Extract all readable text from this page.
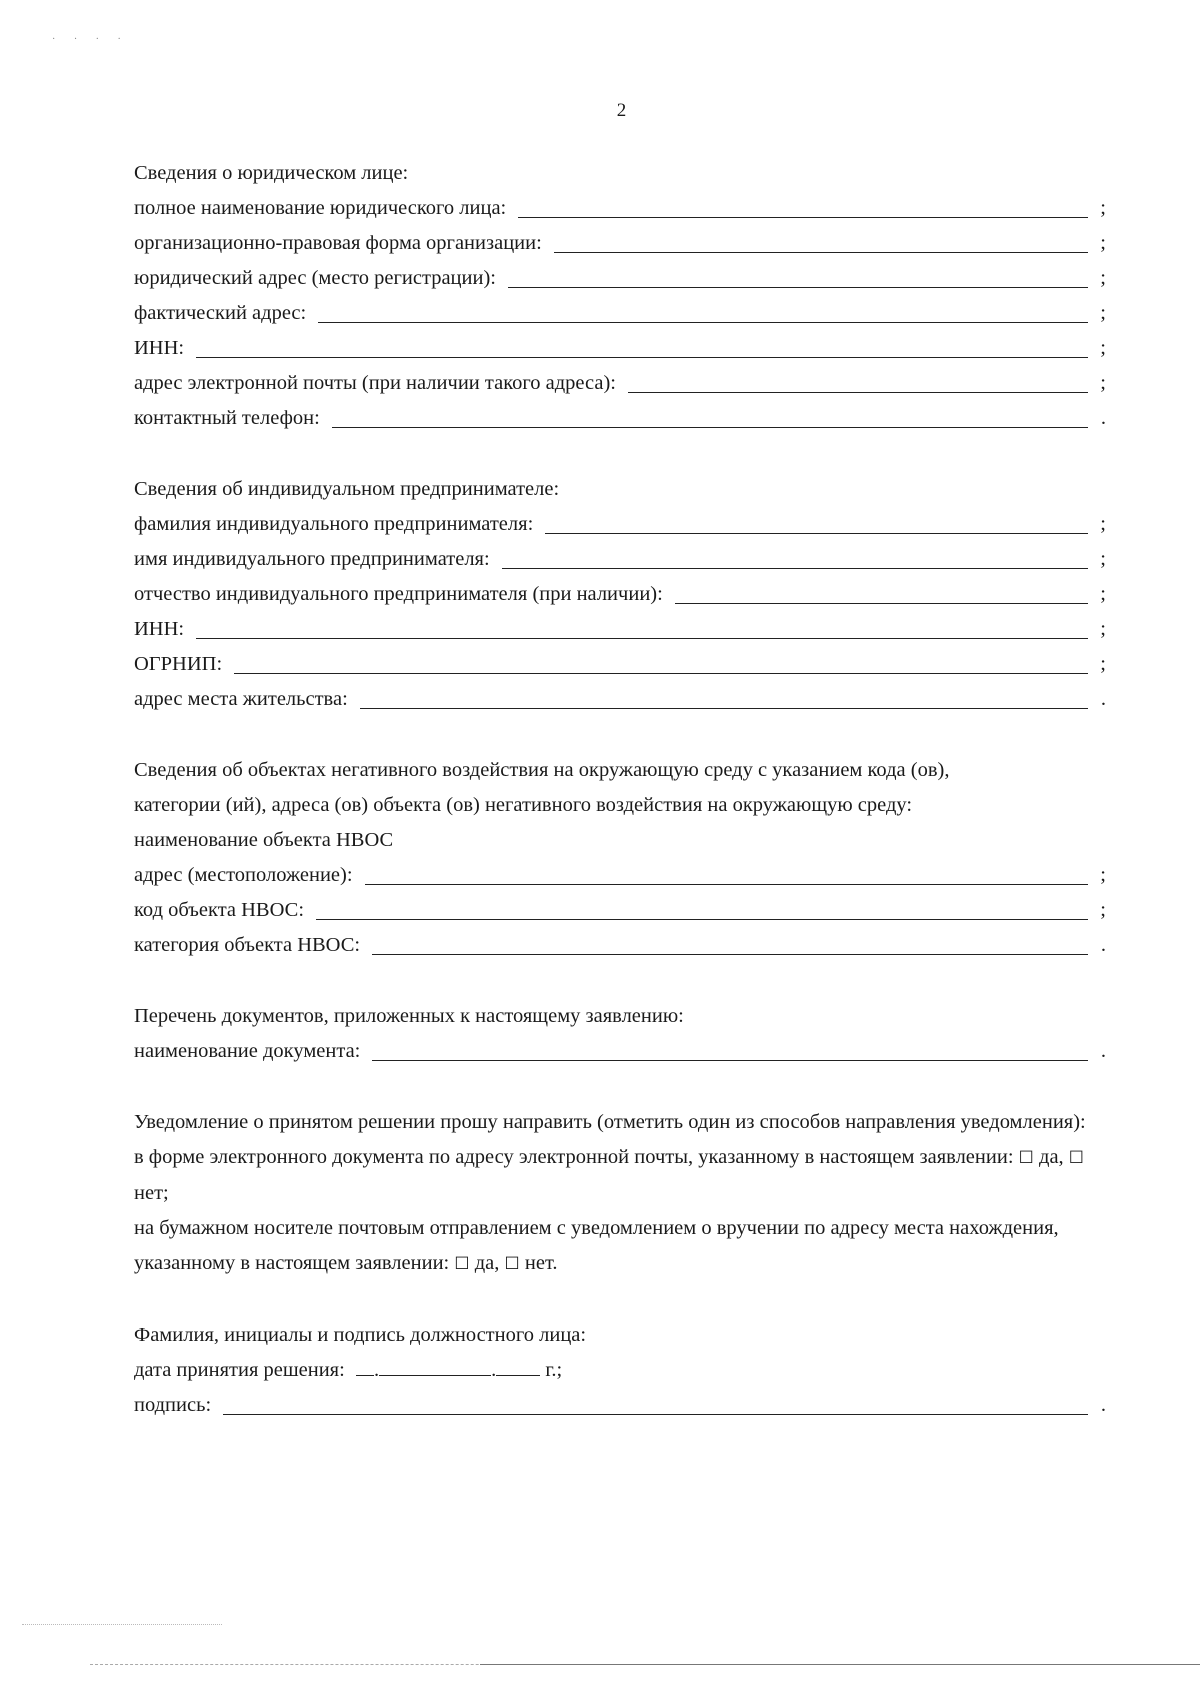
· · · ·
2
Сведения о юридическом лице:
полное наименование юридического лица:	;
организационно-правовая форма организации:	;
юридический адрес (место регистрации):	;
фактический адрес:	;
ИНН:	;
адрес электронной почты (при наличии такого адреса):	;
контактный телефон:	.
Сведения об индивидуальном предпринимателе:
фамилия индивидуального предпринимателя:	;
имя индивидуального предпринимателя:	;
отчество индивидуального предпринимателя (при наличии):	;
ИНН:	;
ОГРНИП:	;
адрес места жительства:	.
Сведения об объектах негативного воздействия на окружающую среду с указанием кода (ов),
категории (ий), адреса (ов) объекта (ов) негативного воздействия на окружающую среду:
наименование объекта НВОС
адрес (местоположение):	;
код объекта НВОС:	;
категория объекта НВОС:	.
Перечень документов, приложенных к настоящему заявлению:
наименование документа:	.
Уведомление о принятом решении прошу направить (отметить один из способов направления уведомления):
в форме электронного документа по адресу электронной почты, указанному в настоящем заявлении: ☐ да, ☐ нет;
на бумажном носителе почтовым отправлением с уведомлением о вручении по адресу места нахождения, указанному в настоящем заявлении: ☐ да, ☐ нет.
Фамилия, инициалы и подпись должностного лица:
дата принятия решения: .	. г.;
подпись:	.
